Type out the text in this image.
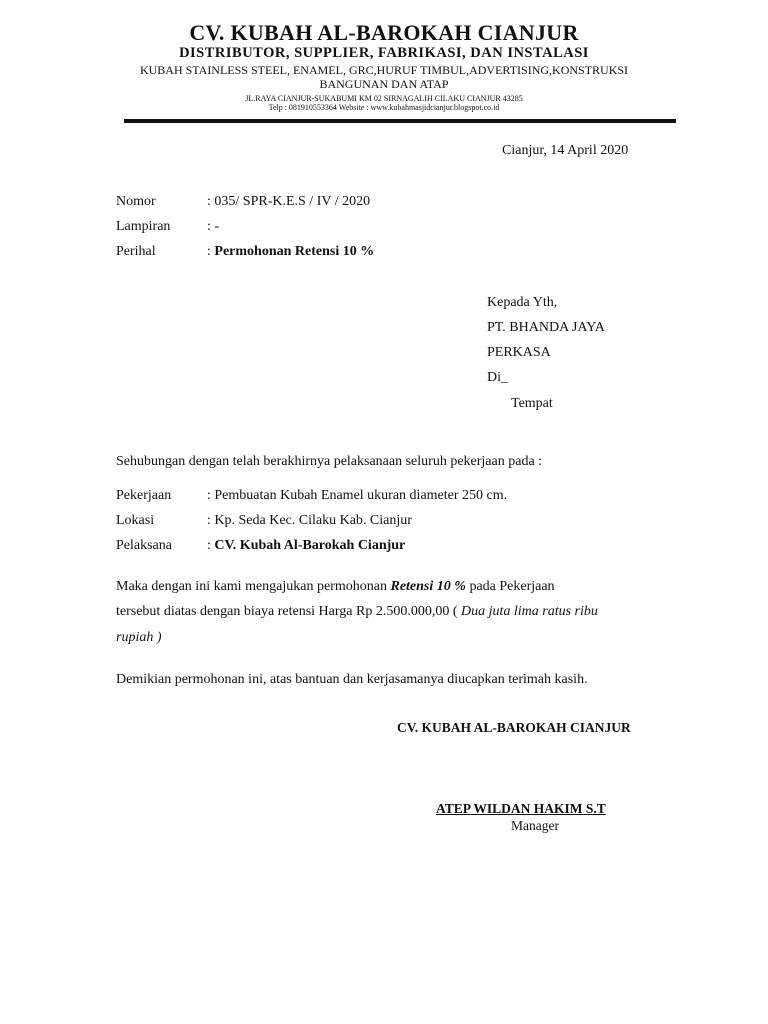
CV. KUBAH AL-BAROKAH CIANJUR
DISTRIBUTOR, SUPPLIER, FABRIKASI, DAN INSTALASI
KUBAH STAINLESS STEEL, ENAMEL, GRC,HURUF TIMBUL,ADVERTISING,KONSTRUKSI
BANGUNAN DAN ATAP
JL.RAYA CIANJUR-SUKABUMI KM 02 SIRNAGALIH CILAKU CIANJUR 43285
Telp : 081910553364 Website : www.kubahmasjidcianjur.blogspot.co.id
Cianjur, 14 April 2020
Nomor	: 035/ SPR-K.E.S / IV / 2020
Lampiran	: -
Perihal	: Permohonan Retensi 10 %
Kepada Yth,
PT. BHANDA JAYA
PERKASA
Di_
Tempat
Sehubungan dengan telah berakhirnya pelaksanaan seluruh pekerjaan pada :
Pekerjaan	: Pembuatan Kubah Enamel ukuran diameter 250 cm.
Lokasi	: Kp. Seda Kec. Cilaku Kab. Cianjur
Pelaksana	: CV. Kubah Al-Barokah Cianjur
Maka dengan ini kami mengajukan permohonan Retensi 10 % pada Pekerjaan
tersebut diatas dengan biaya retensi Harga Rp 2.500.000,00 ( Dua juta lima ratus ribu
rupiah )
Demikian permohonan ini, atas bantuan dan kerjasamanya diucapkan terimah kasih.
CV. KUBAH AL-BAROKAH CIANJUR
ATEP WILDAN HAKIM S.T
Manager
